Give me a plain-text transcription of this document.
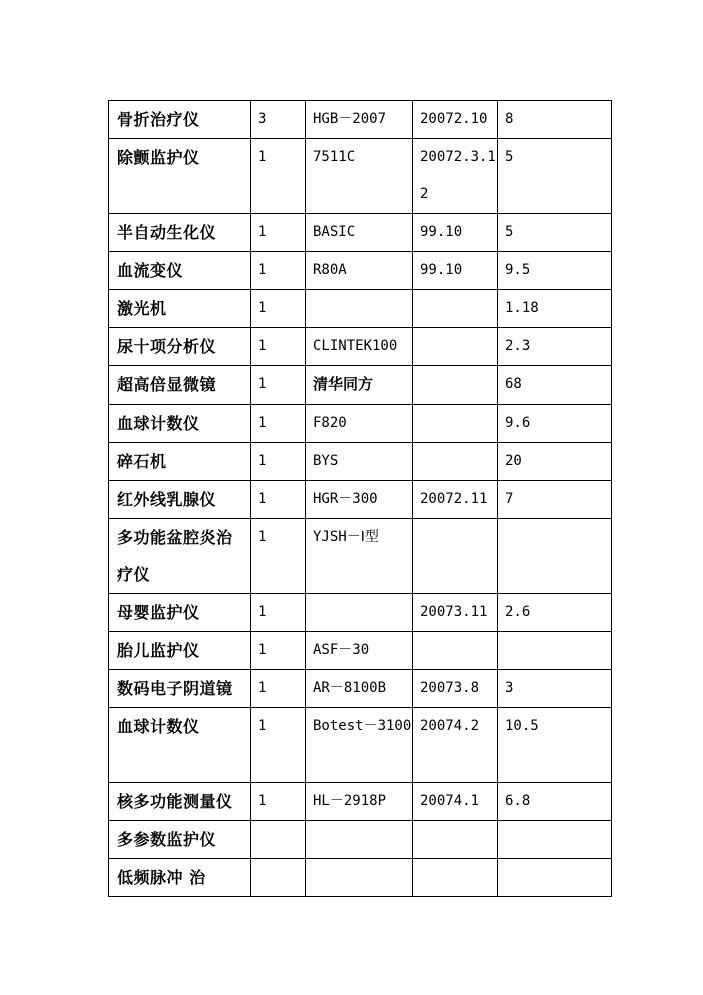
骨折治疗仪	3	HGB－2007	20072.10	8

除颤监护仪	1	7511C	20072.3.12	5

半自动生化仪	1	BASIC	99.10	5

血流变仪	1	R80A	99.10	9.5

激光机	1			1.18

尿十项分析仪	1	CLINTEK100		2.3

超高倍显微镜	1	清华同方		68

血球计数仪	1	F820		9.6

碎石机	1	BYS		20

红外线乳腺仪	1	HGR－300	20072.11	7

多功能盆腔炎治疗仪	1	YJSH－Ⅰ型		

母婴监护仪	1		20073.11	2.6

胎儿监护仪	1	ASF－30		

数码电子阴道镜	1	AR－8100B	20073.8	3

血球计数仪	1	Botest－3100	20074.2	10.5

核多功能测量仪	1	HL－2918P	20074.1	6.8

多参数监护仪				

低频脉冲 治				
